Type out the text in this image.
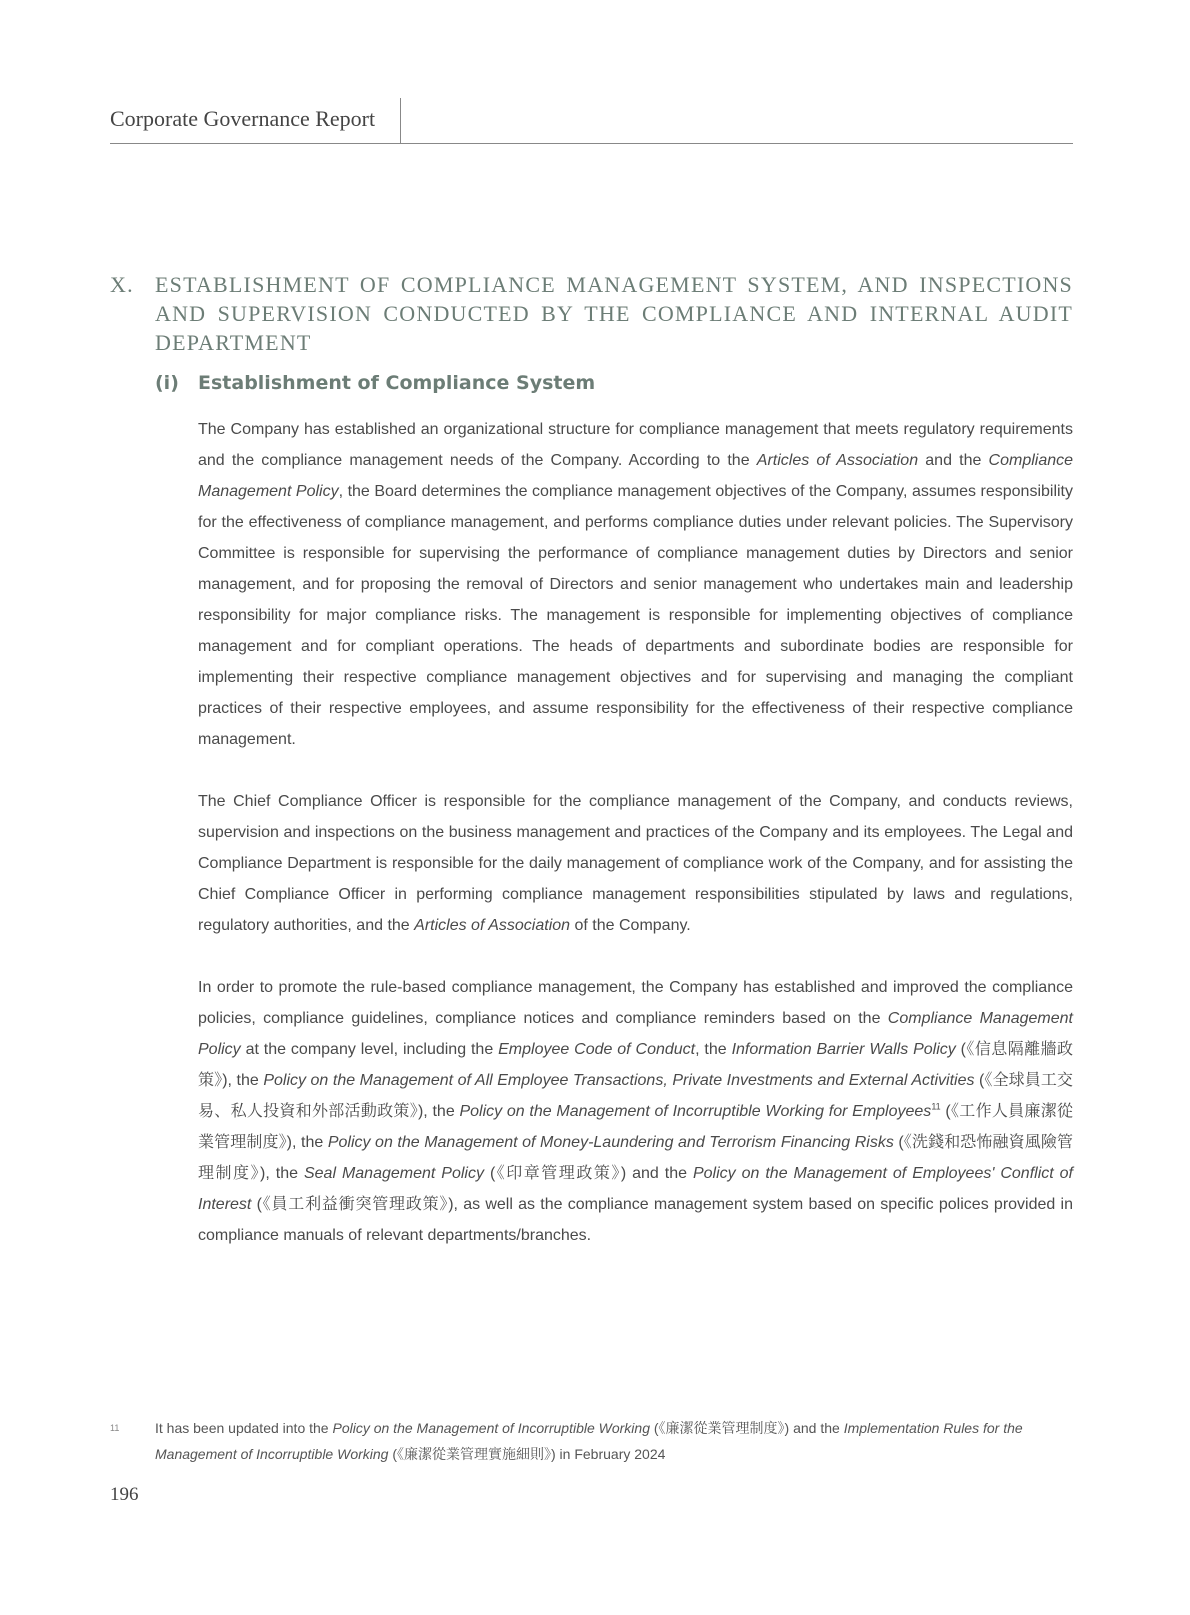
Corporate Governance Report
X. ESTABLISHMENT OF COMPLIANCE MANAGEMENT SYSTEM, AND INSPECTIONS AND SUPERVISION CONDUCTED BY THE COMPLIANCE AND INTERNAL AUDIT DEPARTMENT
(i) Establishment of Compliance System

The Company has established an organizational structure for compliance management that meets regulatory requirements and the compliance management needs of the Company. According to the Articles of Association and the Compliance Management Policy, the Board determines the compliance management objectives of the Company, assumes responsibility for the effectiveness of compliance management, and performs compliance duties under relevant policies. The Supervisory Committee is responsible for supervising the performance of compliance management duties by Directors and senior management, and for proposing the removal of Directors and senior management who undertakes main and leadership responsibility for major compliance risks. The management is responsible for implementing objectives of compliance management and for compliant operations. The heads of departments and subordinate bodies are responsible for implementing their respective compliance management objectives and for supervising and managing the compliant practices of their respective employees, and assume responsibility for the effectiveness of their respective compliance management.

The Chief Compliance Officer is responsible for the compliance management of the Company, and conducts reviews, supervision and inspections on the business management and practices of the Company and its employees. The Legal and Compliance Department is responsible for the daily management of compliance work of the Company, and for assisting the Chief Compliance Officer in performing compliance management responsibilities stipulated by laws and regulations, regulatory authorities, and the Articles of Association of the Company.

In order to promote the rule-based compliance management, the Company has established and improved the compliance policies, compliance guidelines, compliance notices and compliance reminders based on the Compliance Management Policy at the company level, including the Employee Code of Conduct, the Information Barrier Walls Policy (《信息隔離牆政策》), the Policy on the Management of All Employee Transactions, Private Investments and External Activities (《全球員工交易、私人投資和外部活動政策》), the Policy on the Management of Incorruptible Working for Employees$^{11}$ (《工作人員廉潔從業管理制度》), the Policy on the Management of Money-Laundering and Terrorism Financing Risks (《洗錢和恐怖融資風險管理制度》), the Seal Management Policy (《印章管理政策》) and the Policy on the Management of Employees' Conflict of Interest (《員工利益衝突管理政策》), as well as the compliance management system based on specific polices provided in compliance manuals of relevant departments/branches.

11	It has been updated into the Policy on the Management of Incorruptible Working (《廉潔從業管理制度》) and the Implementation Rules for the Management of Incorruptible Working (《廉潔從業管理實施細則》) in February 2024
196
